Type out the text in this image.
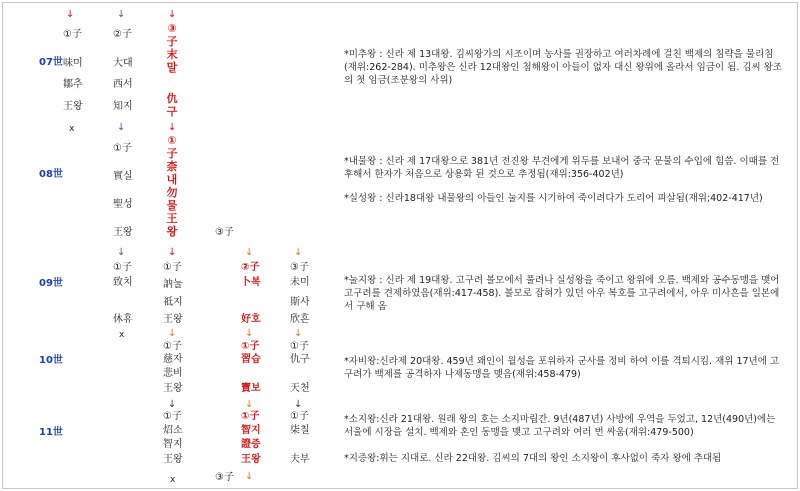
07世
08世
09世
10世
11世
↓
①子
味미
鄒추
王왕
x
↓
②子
大대
西서
知지
↓
①子
實실
聖성
王왕
↓
①子
致치
休휴
x
↓
③子末말
仇구
↓
①子柰내勿물王왕
↓
①子
訥눌
祗지
王왕
↓
①子
慈자
悲비
王왕
↓
①子
炤소
智지
王왕
x
③子
③子
↓
②子
卜복
好호
↓
①子
習습
寶보
↓
①子
智지
證증
王왕
↓
↓
③子
未미
斯사
欣흔
↓
①子
仇구
天천
↓
①子
柒칠
夫부
*미추왕 : 신라 제 13대왕. 김씨왕가의 시조이며 농사를 권장하고 여러차례에 걸친 백제의 침략을 물리침(재위:262-284). 미추왕은 신라 12대왕인 첨해왕이 아들이 없자 대신 왕위에 올라서 임금이 됨. 김씨 왕조의 첫 임금(조분왕의 사위)
*내물왕 : 신라 제 17대왕으로 381년 전진왕 부견에게 위두를 보내어 중국 문물의 수입에 힘씀. 이때를 전후해서 한자가 처음으로 상용화 된 것으로 추정됨(재위:356-402년)
*실성왕 : 신라18대왕 내물왕의 아들인 눌지를 시기하여 죽이려다가 도리어 피살됨(재위;402-417년)
*눌지왕 : 신라 제 19대왕. 고구려 볼모에서 풀려나 실성왕을 죽이고 왕위에 오름. 백제와 공수동맹을 맺어 고구려를 견제하였음(재위:417-458). 볼모로 잡혀가 있던 아우 복호를 고구려에서, 아우 미사흔을 일본에서 구해 옴
*자비왕:신라제 20대왕. 459년 왜인이 월성을 포위하자 군사를 정비 하여 이를 격퇴시킴. 재위 17년에 고구려가 백제를 공격하자 나제동맹을 맺음(재위:458-479)
*소지왕:신라 21대왕. 원래 왕의 호는 소지마립간. 9년(487년) 사방에 우역을 두었고, 12년(490년)에는 서울에 시장을 설치. 백제와 혼인 동맹을 맺고 고구려와 여러 번 싸움(재위:479-500)
*지증왕:휘는 지대로. 신라 22대왕. 김씨의 7대의 왕인 소지왕이 후사없이 죽자 왕에 추대됨
